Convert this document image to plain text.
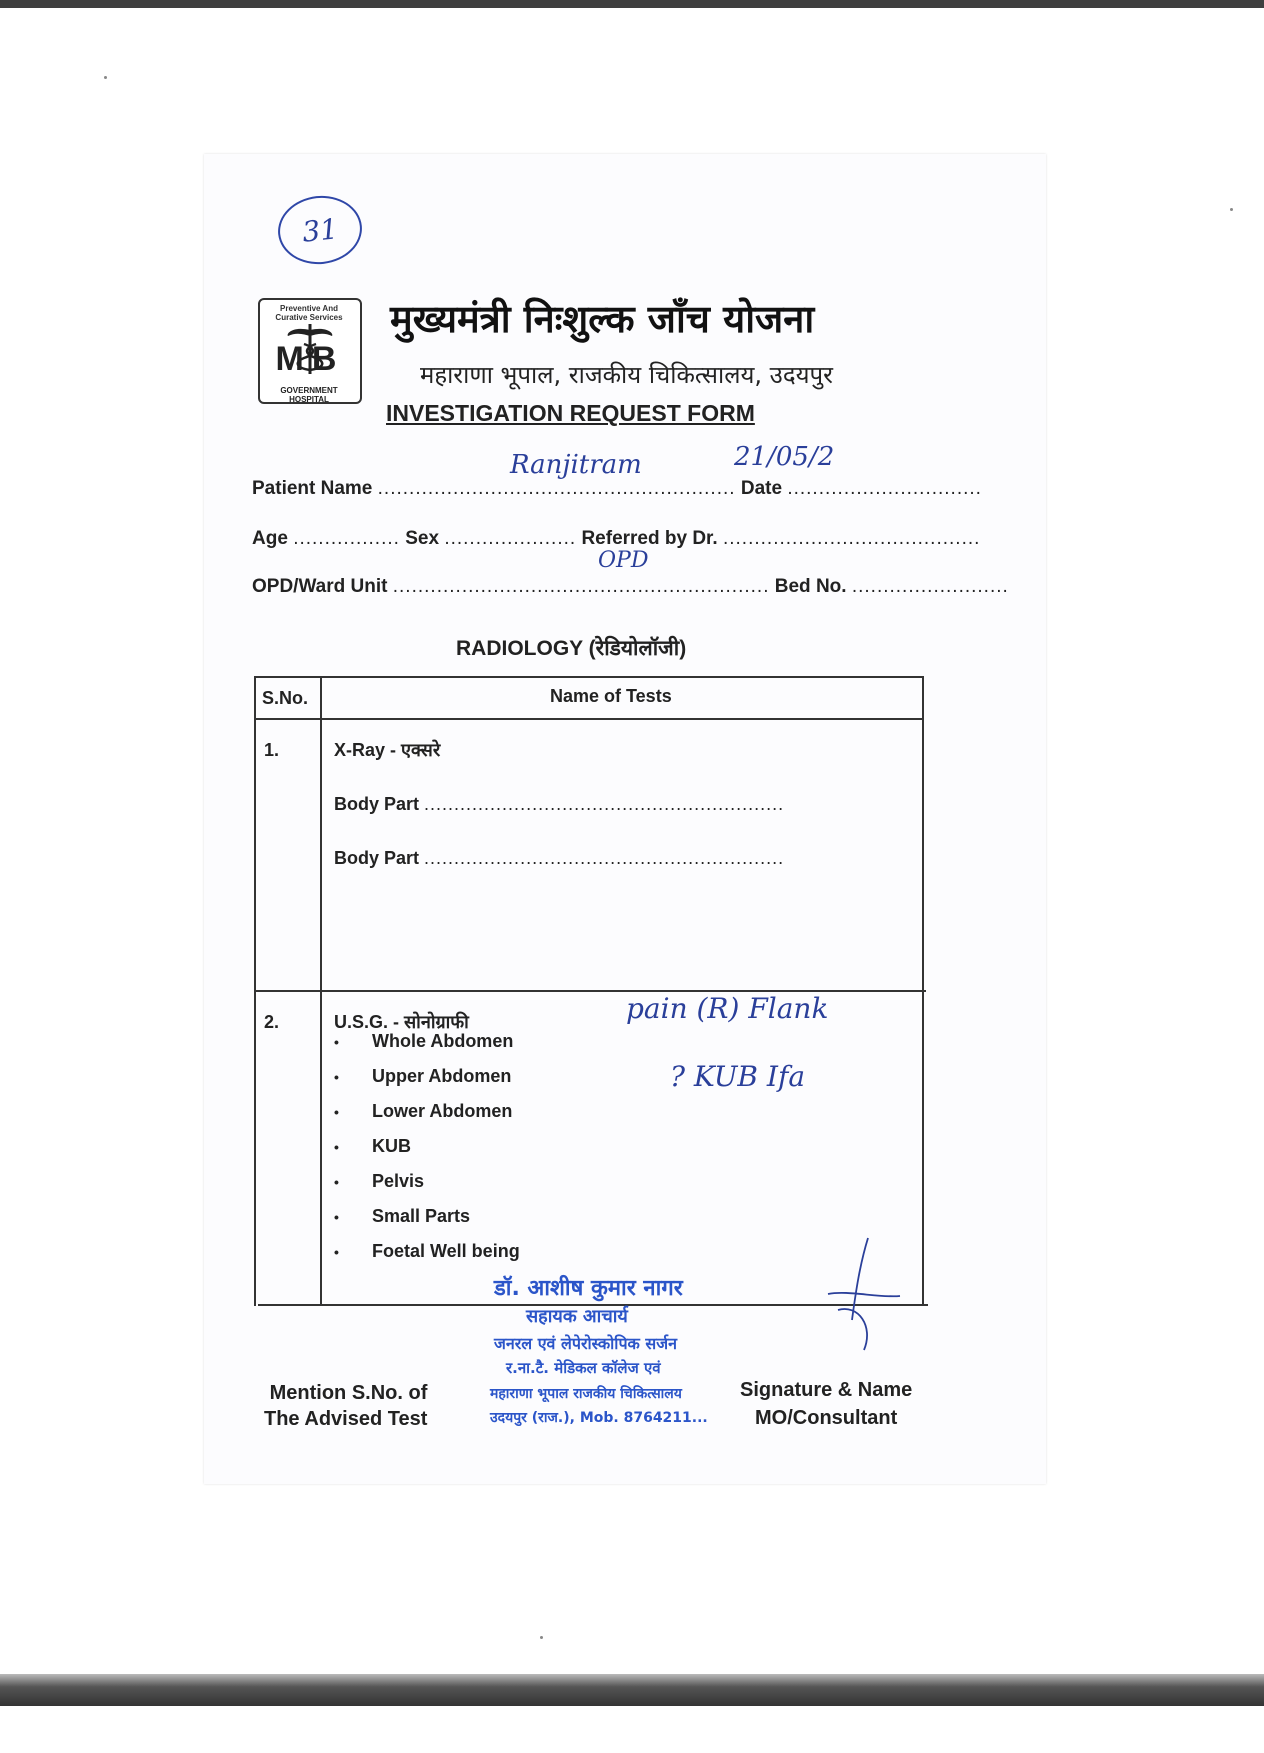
31
Preventive And Curative Services
MB
GOVERNMENT HOSPITAL
मुख्यमंत्री निःशुल्क जाँच योजना
महाराणा भूपाल, राजकीय चिकित्सालय, उदयपुर
INVESTIGATION REQUEST FORM
Patient Name ......................................................... Date ...............................
Ranjitram	21/05/2
Age ................. Sex ..................... Referred by Dr. .........................................
OPD/Ward Unit ............................................................ Bed No. .........................
OPD
RADIOLOGY (रेडियोलॉजी)
S.No.	Name of Tests
1.	X-Ray - एक्सरे
Body Part ............................................................
Body Part ............................................................
2.	U.S.G. - सोनोग्राफी
• Whole Abdomen
• Upper Abdomen
• Lower Abdomen
• KUB
• Pelvis
• Small Parts
• Foetal Well being
pain (R) Flank
? KUB Ifa
डॉ. आशीष कुमार नागर
सहायक आचार्य
जनरल एवं लेपेरोस्कोपिक सर्जन
र.ना.टै. मेडिकल कॉलेज एवं
महाराणा भूपाल राजकीय चिकित्सालय
उदयपुर (राज.), Mob. 8764211...
Mention S.No. of
The Advised Test
Signature & Name
MO/Consultant
